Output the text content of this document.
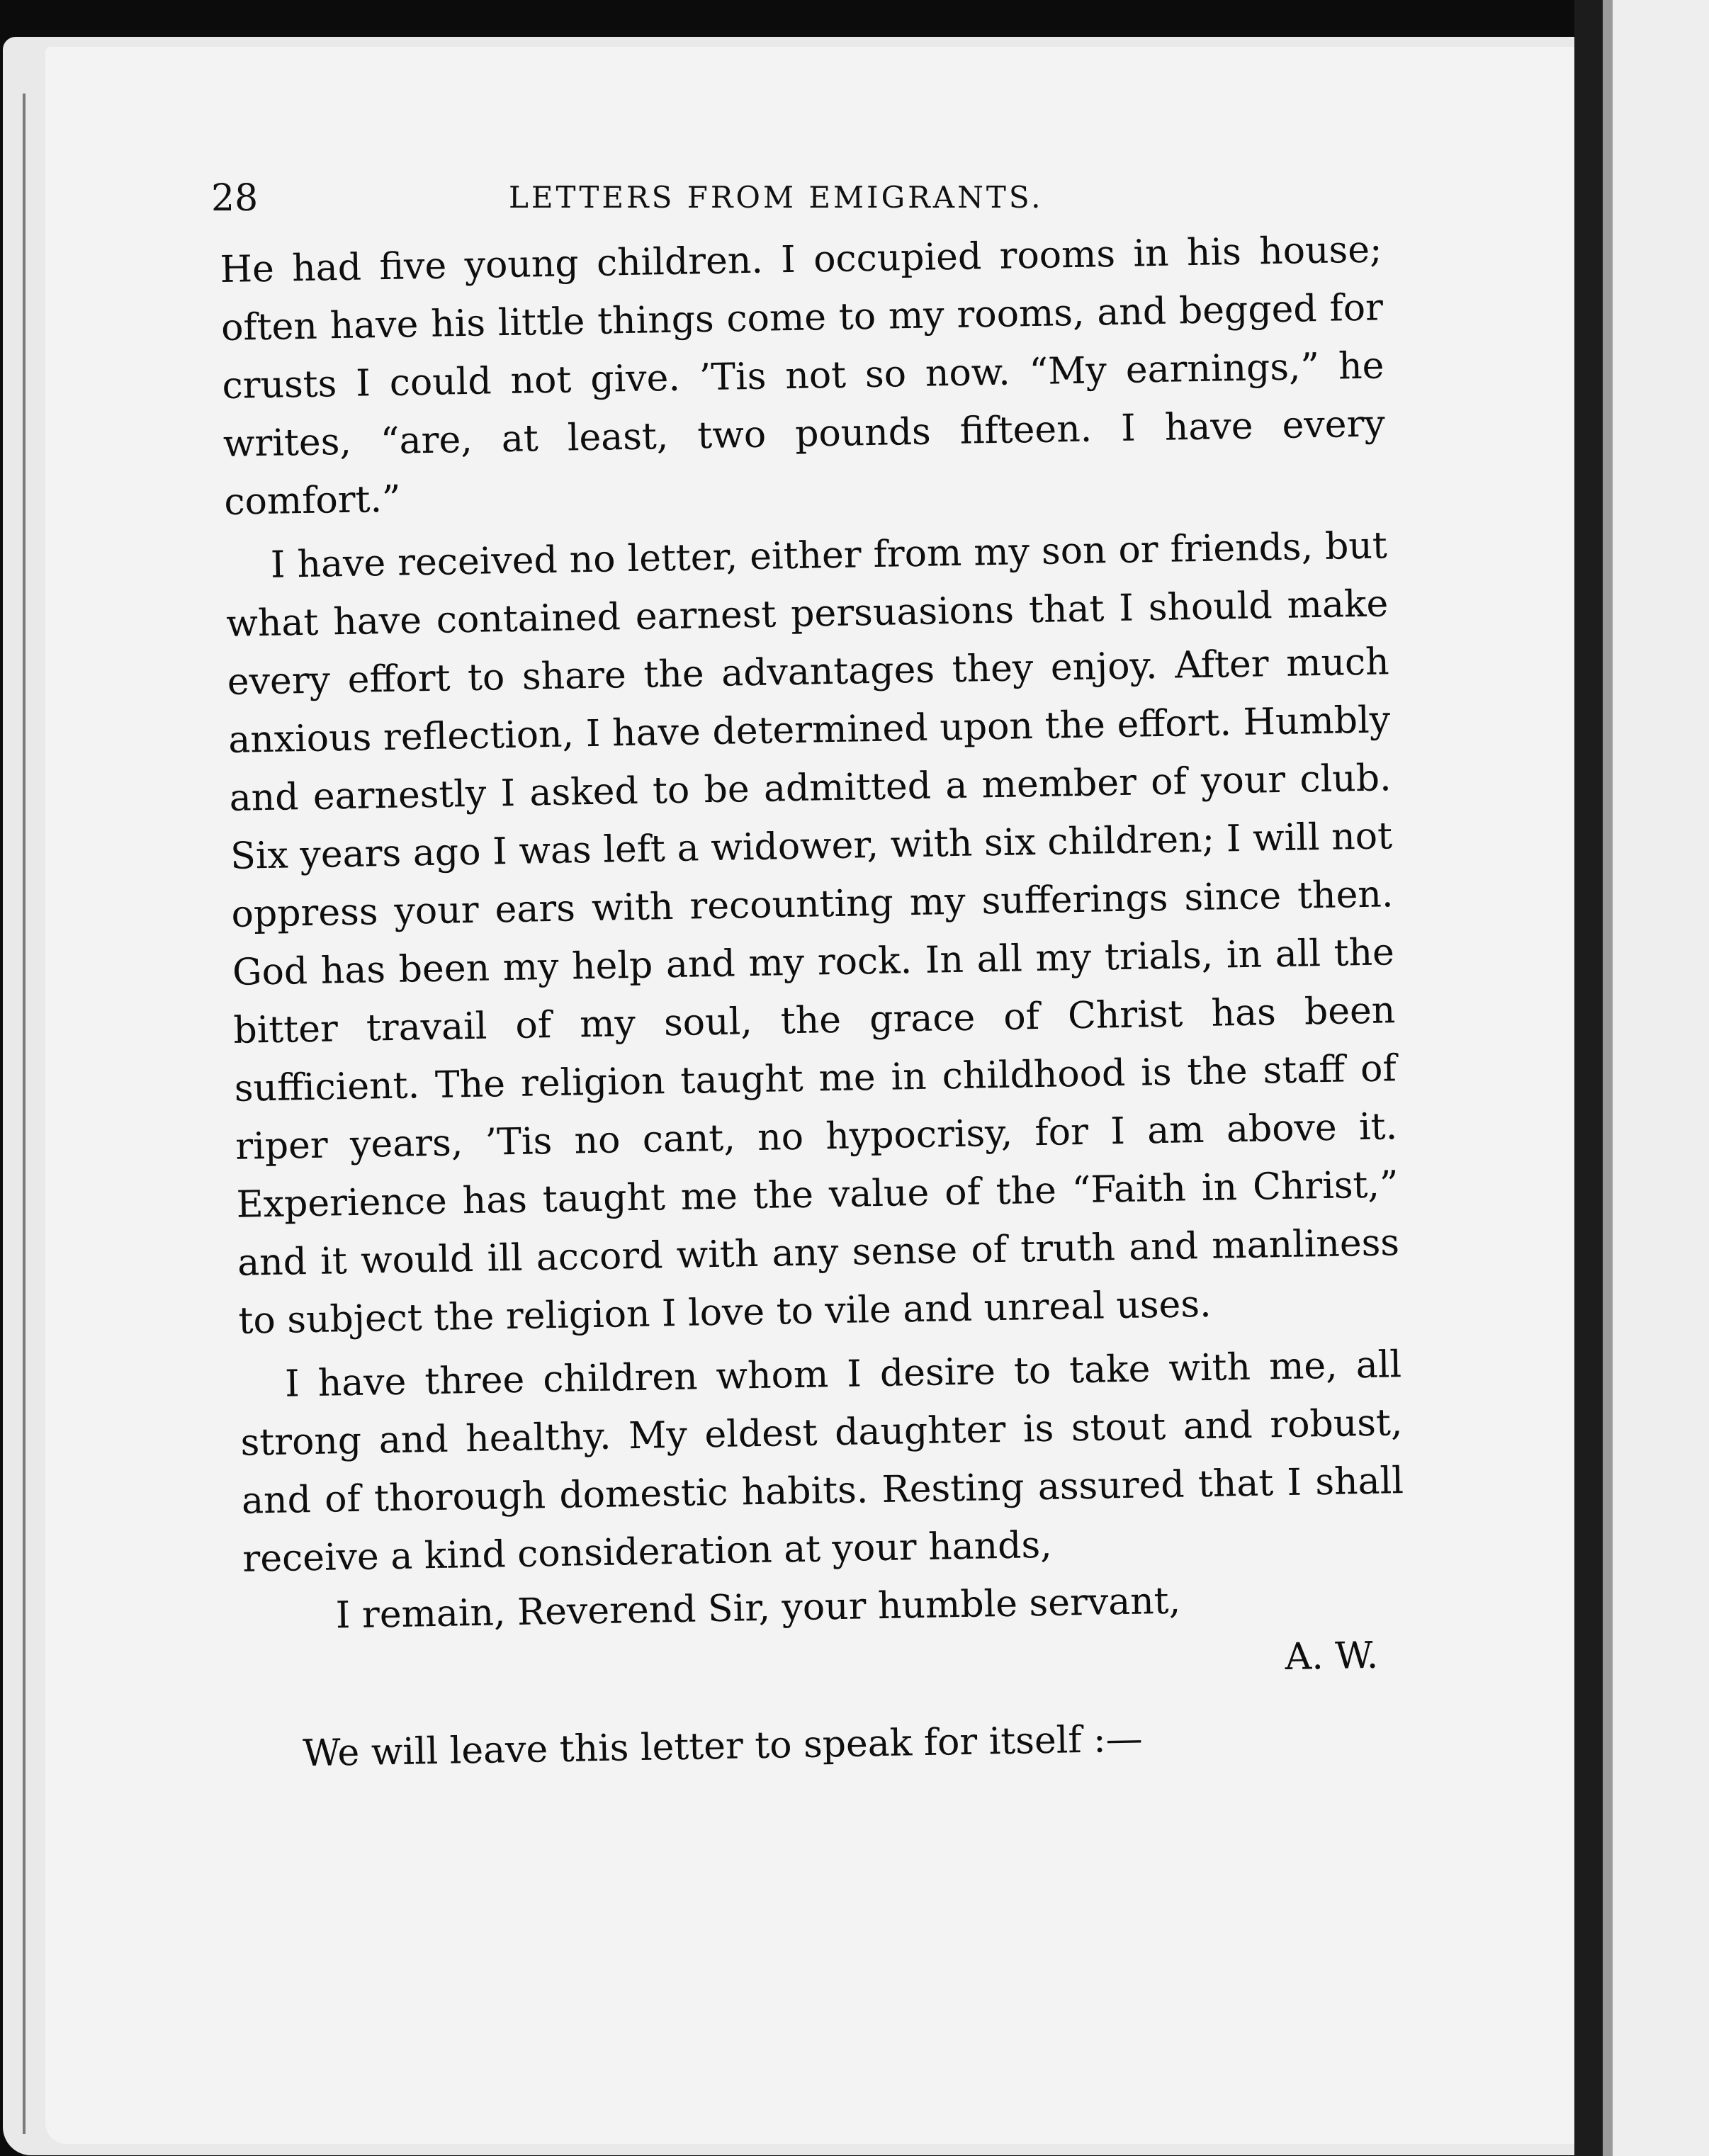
28	LETTERS FROM EMIGRANTS.

He had five young children. I occupied rooms in his house; often have his little things come to my rooms, and begged for crusts I could not give. ’Tis not so now. “My earnings,” he writes, “are, at least, two pounds fifteen. I have every comfort.”

I have received no letter, either from my son or friends, but what have contained earnest persuasions that I should make every effort to share the advantages they enjoy. After much anxious reflection, I have determined upon the effort. Humbly and earnestly I asked to be admitted a member of your club. Six years ago I was left a widower, with six children; I will not oppress your ears with recounting my sufferings since then. God has been my help and my rock. In all my trials, in all the bitter travail of my soul, the grace of Christ has been sufficient. The religion taught me in childhood is the staff of riper years, ’Tis no cant, no hypocrisy, for I am above it. Experience has taught me the value of the “Faith in Christ,” and it would ill accord with any sense of truth and manliness to subject the religion I love to vile and unreal uses.

I have three children whom I desire to take with me, all strong and healthy. My eldest daughter is stout and robust, and of thorough domestic habits. Resting assured that I shall receive a kind consideration at your hands,

I remain, Reverend Sir, your humble servant,

A. W.

We will leave this letter to speak for itself :—
